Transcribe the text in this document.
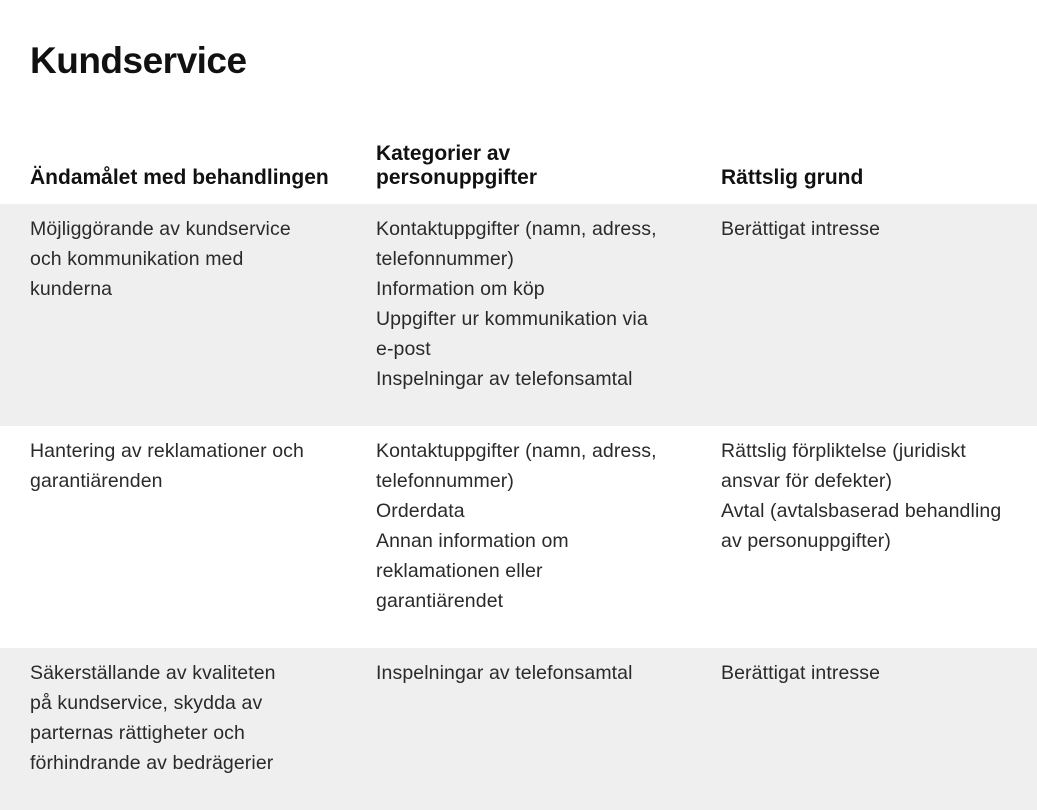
Kundservice
Ändamålet med behandlingen
Kategorier av
personuppgifter	Rättslig grund
Möjliggörande av kundservice
och kommunikation med
kunderna
Kontaktuppgifter (namn, adress,
telefonnummer)
Information om köp
Uppgifter ur kommunikation via
e-post
Inspelningar av telefonsamtal
Berättigat intresse
Hantering av reklamationer och
garantiärenden
Kontaktuppgifter (namn, adress,
telefonnummer)
Orderdata
Annan information om
reklamationen eller
garantiärendet
Rättslig förpliktelse (juridiskt
ansvar för defekter)
Avtal (avtalsbaserad behandling
av personuppgifter)
Säkerställande av kvaliteten
på kundservice, skydda av
parternas rättigheter och
förhindrande av bedrägerier
Inspelningar av telefonsamtal	Berättigat intresse
